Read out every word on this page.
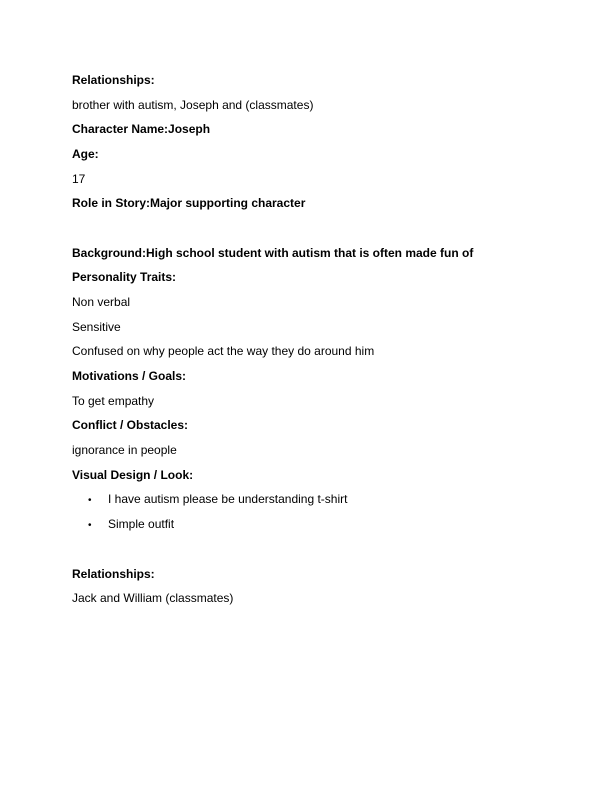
Relationships:
brother with autism, Joseph and (classmates)
Character Name:Joseph
Age:
17
Role in Story:Major supporting character
Background:High school student with autism that is often made fun of
Personality Traits:
Non verbal
Sensitive
Confused on why people act the way they do around him
Motivations / Goals:
To get empathy
Conflict / Obstacles:
ignorance in people
Visual Design / Look:
• I have autism please be understanding t-shirt
• Simple outfit
Relationships:
Jack and William (classmates)
